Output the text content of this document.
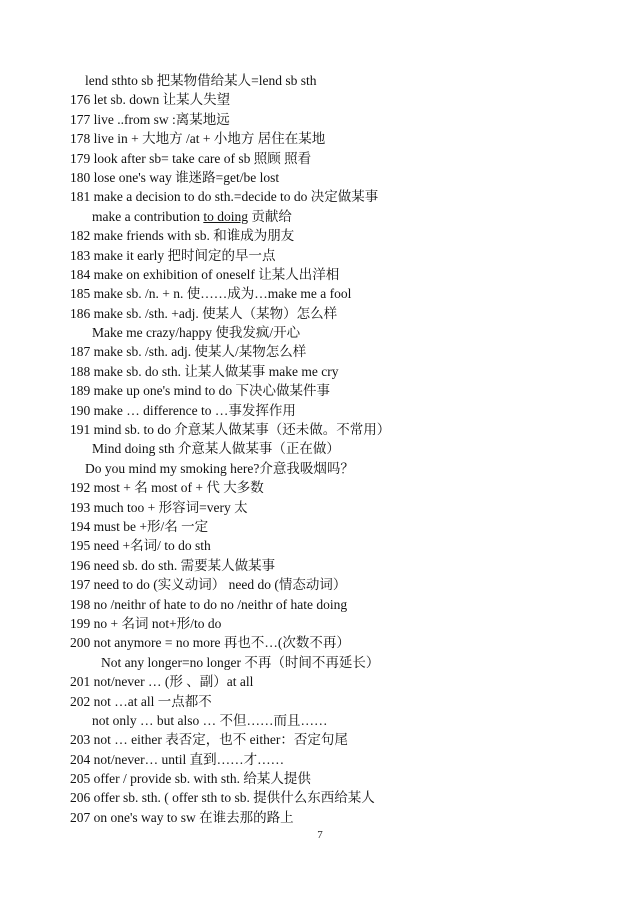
lend sthto sb 把某物借给某人=lend sb sth
176 let sb. down 让某人失望
177 live ..from sw :离某地远
178 live in + 大地方 /at + 小地方 居住在某地
179 look after sb= take care of sb 照顾 照看
180 lose one's way 谁迷路=get/be lost
181 make a decision to do sth.=decide to do 决定做某事
make a contribution to doing 贡献给
182 make friends with sb. 和谁成为朋友
183 make it early 把时间定的早一点
184 make on exhibition of oneself 让某人出洋相
185 make sb. /n. + n. 使……成为…make me a fool
186 make sb. /sth. +adj. 使某人（某物）怎么样
Make me crazy/happy 使我发疯/开心
187 make sb. /sth. adj. 使某人/某物怎么样
188 make sb. do sth. 让某人做某事 make me cry
189 make up one's mind to do 下决心做某件事
190 make … difference to …事发挥作用
191 mind sb. to do 介意某人做某事（还未做。不常用）
Mind doing sth 介意某人做某事（正在做）
Do you mind my smoking here?介意我吸烟吗？
192 most + 名 most of + 代 大多数
193 much too + 形容词=very 太
194 must be +形/名 一定
195 need +名词/ to do sth
196 need sb. do sth. 需要某人做某事
197 need to do (实义动词） need do (情态动词）
198 no /neithr of hate to do no /neithr of hate doing
199 no + 名词 not+形/to do
200 not anymore = no more 再也不…(次数不再）
Not any longer=no longer 不再（时间不再延长）
201 not/never … (形 、副）at all
202 not …at all 一点都不
not only … but also … 不但……而且……
203 not … either 表否定，也不 either：否定句尾
204 not/never… until 直到……才……
205 offer / provide sb. with sth. 给某人提供
206 offer sb. sth. ( offer sth to sb. 提供什么东西给某人
207 on one's way to sw 在谁去那的路上
7
